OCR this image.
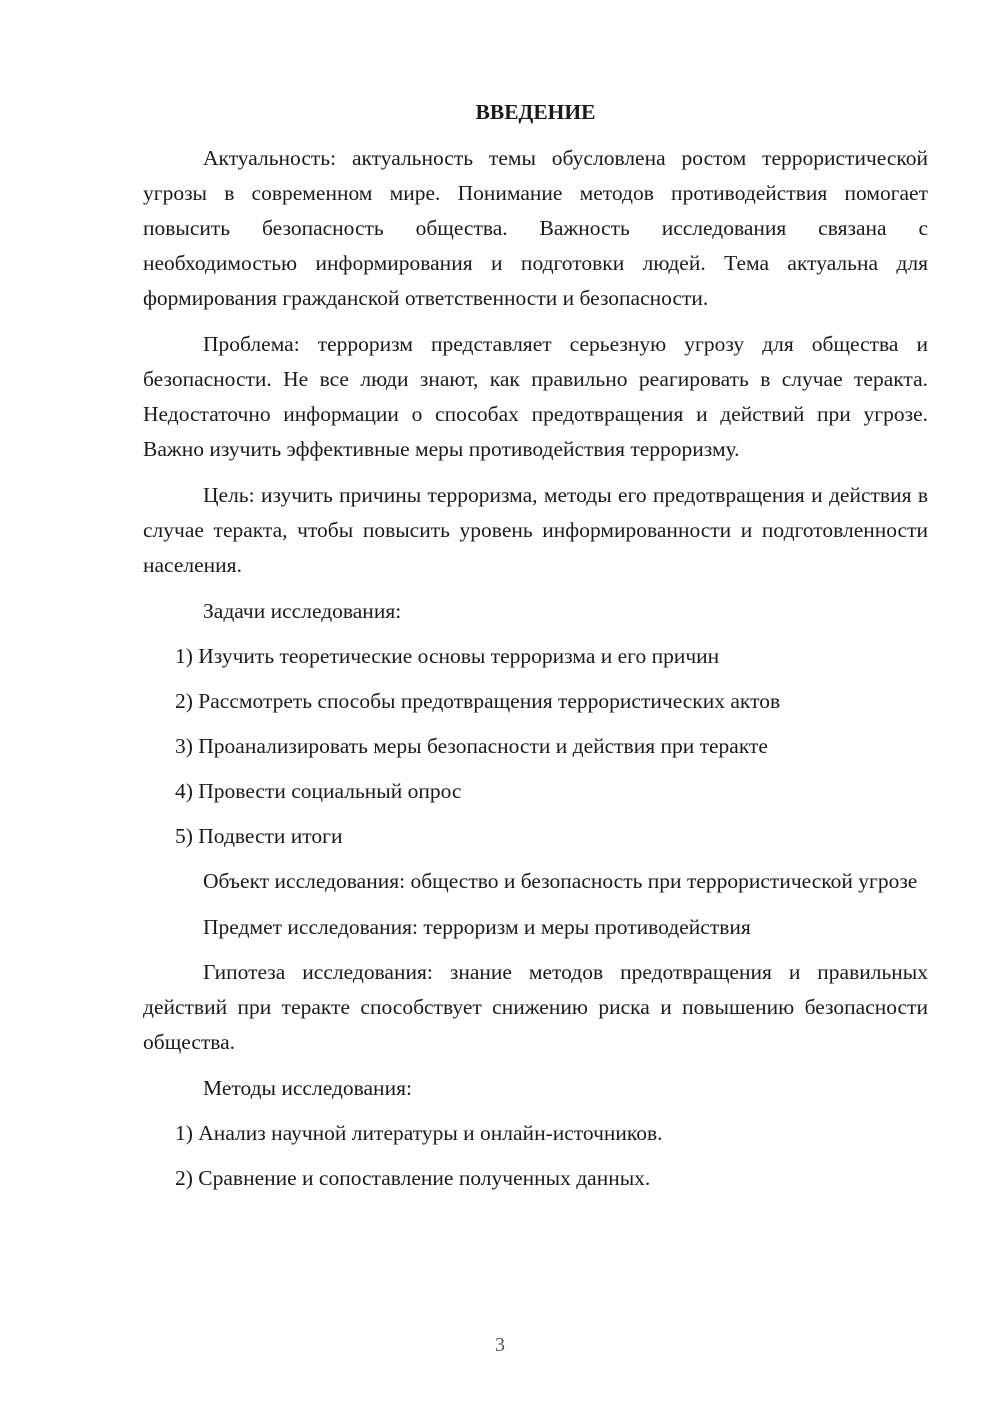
ВВЕДЕНИЕ

Актуальность: актуальность темы обусловлена ростом террористической угрозы в современном мире. Понимание методов противодействия помогает повысить безопасность общества. Важность исследования связана с необходимостью информирования и подготовки людей. Тема актуальна для формирования гражданской ответственности и безопасности.

Проблема: терроризм представляет серьезную угрозу для общества и безопасности. Не все люди знают, как правильно реагировать в случае теракта. Недостаточно информации о способах предотвращения и действий при угрозе. Важно изучить эффективные меры противодействия терроризму.

Цель: изучить причины терроризма, методы его предотвращения и действия в случае теракта, чтобы повысить уровень информированности и подготовленности населения.

Задачи исследования:

1) Изучить теоретические основы терроризма и его причин

2) Рассмотреть способы предотвращения террористических актов

3) Проанализировать меры безопасности и действия при теракте

4) Провести социальный опрос

5) Подвести итоги

Объект исследования: общество и безопасность при террористической угрозе

Предмет исследования: терроризм и меры противодействия

Гипотеза исследования: знание методов предотвращения и правильных действий при теракте способствует снижению риска и повышению безопасности общества.

Методы исследования:

1) Анализ научной литературы и онлайн-источников.

2) Сравнение и сопоставление полученных данных.

3
